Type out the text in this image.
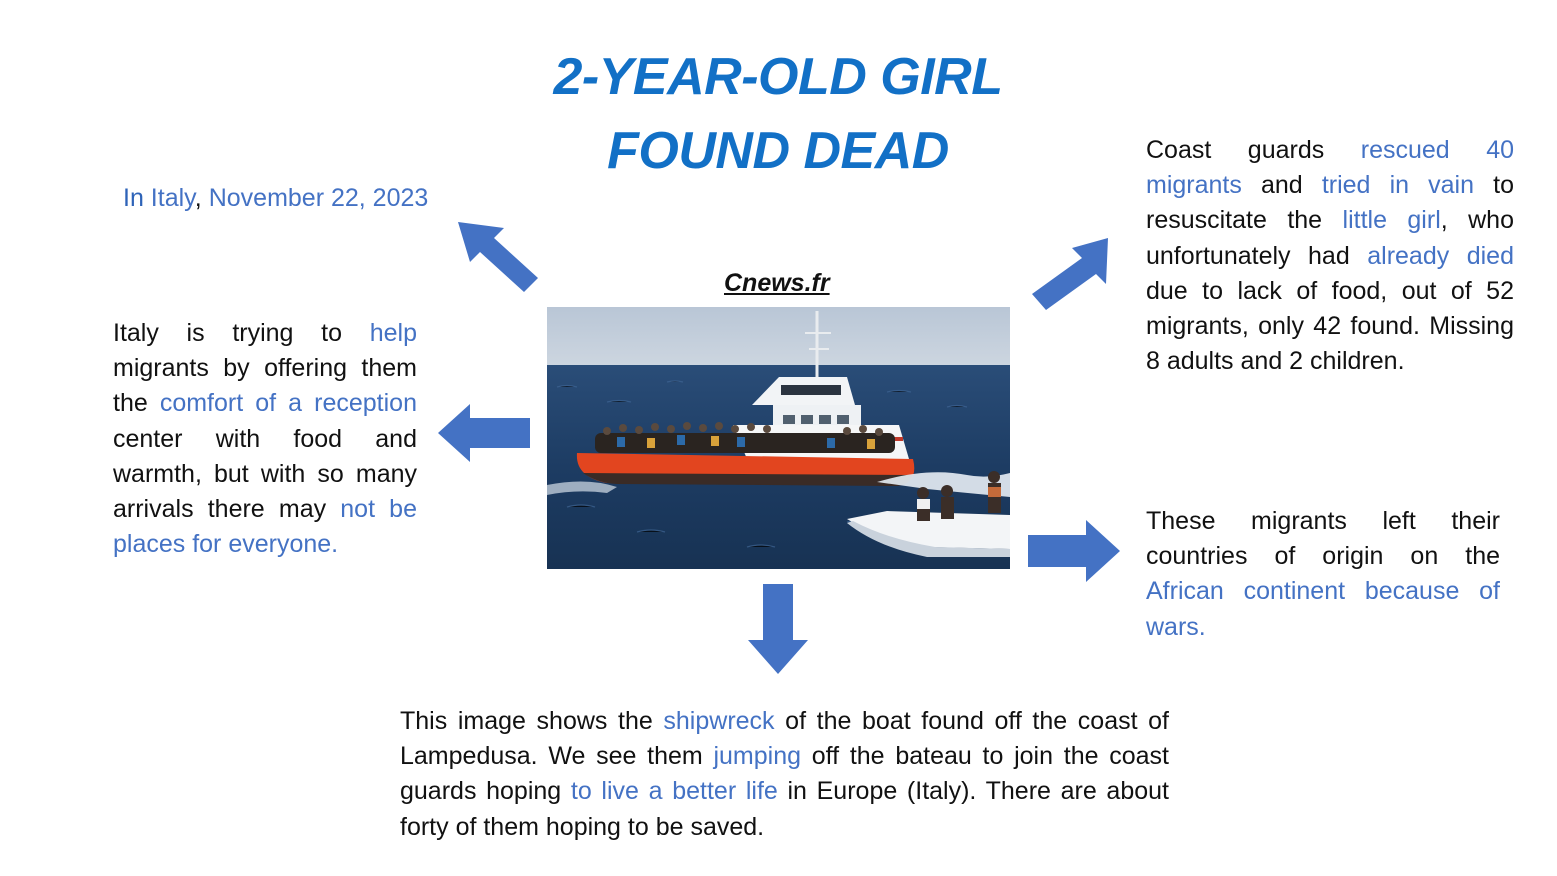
2-YEAR-OLD GIRL
FOUND DEAD
In Italy, November 22, 2023
Italy is trying to help migrants by offering them the comfort of a reception center with food and warmth, but with so many arrivals there may not be places for everyone.
Coast guards rescued 40 migrants and tried in vain to resuscitate the little girl, who unfortunately had already died due to lack of food, out of 52 migrants, only 42 found. Missing 8 adults and 2 children.
These migrants left their countries of origin on the African continent because of wars.
This image shows the shipwreck of the boat found off the coast of Lampedusa. We see them jumping off the bateau to join the coast guards hoping to live a better life in Europe (Italy). There are about forty of them hoping to be saved.
Cnews.fr
